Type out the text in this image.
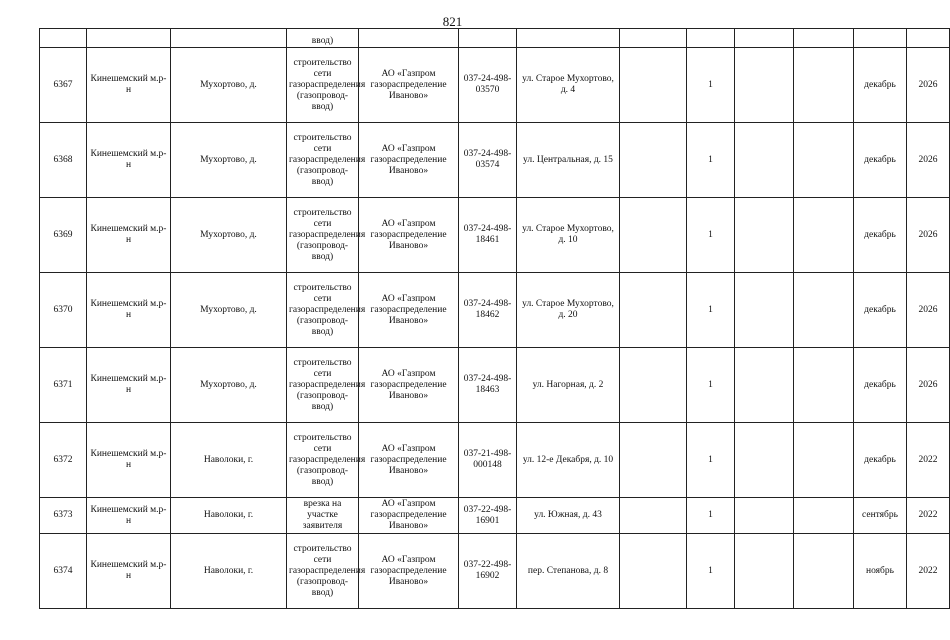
821
			ввод)									
6367	Кинешемский м.р-н	Мухортово, д.	строительство сети газораспределения (газопровод-ввод)	АО «Газпром газораспределение Иваново»	037-24-498-03570	ул. Старое Мухортово, д. 4		1			декабрь	2026
6368	Кинешемский м.р-н	Мухортово, д.	строительство сети газораспределения (газопровод-ввод)	АО «Газпром газораспределение Иваново»	037-24-498-03574	ул. Центральная, д. 15		1			декабрь	2026
6369	Кинешемский м.р-н	Мухортово, д.	строительство сети газораспределения (газопровод-ввод)	АО «Газпром газораспределение Иваново»	037-24-498-18461	ул. Старое Мухортово, д. 10		1			декабрь	2026
6370	Кинешемский м.р-н	Мухортово, д.	строительство сети газораспределения (газопровод-ввод)	АО «Газпром газораспределение Иваново»	037-24-498-18462	ул. Старое Мухортово, д. 20		1			декабрь	2026
6371	Кинешемский м.р-н	Мухортово, д.	строительство сети газораспределения (газопровод-ввод)	АО «Газпром газораспределение Иваново»	037-24-498-18463	ул. Нагорная, д. 2		1			декабрь	2026
6372	Кинешемский м.р-н	Наволоки, г.	строительство сети газораспределения (газопровод-ввод)	АО «Газпром газораспределение Иваново»	037-21-498-000148	ул. 12-е Декабря, д. 10		1			декабрь	2022
6373	Кинешемский м.р-н	Наволоки, г.	врезка на участке заявителя	АО «Газпром газораспределение Иваново»	037-22-498-16901	ул. Южная, д. 43		1			сентябрь	2022
6374	Кинешемский м.р-н	Наволоки, г.	строительство сети газораспределения (газопровод-ввод)	АО «Газпром газораспределение Иваново»	037-22-498-16902	пер. Степанова, д. 8		1			ноябрь	2022
